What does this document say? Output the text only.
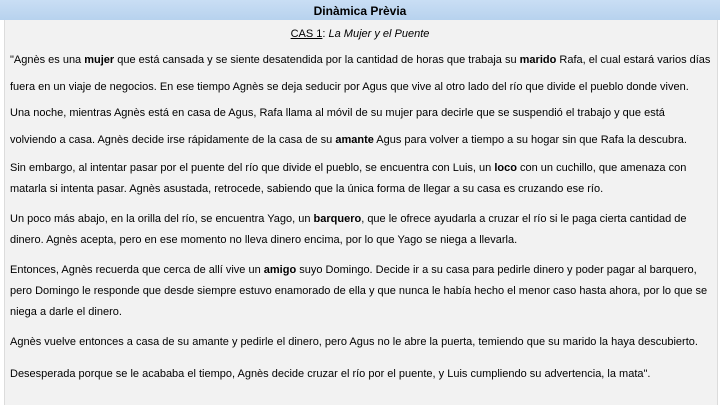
Dinàmica Prèvia
CAS 1: La Mujer y el Puente
"Agnès es una mujer que está cansada y se siente desatendida por la cantidad de horas que trabaja su marido Rafa, el cual estará varios días
fuera en un viaje de negocios. En ese tiempo Agnès se deja seducir por Agus que vive al otro lado del río que divide el pueblo donde viven.
Una noche, mientras Agnès está en casa de Agus, Rafa llama al móvil de su mujer para decirle que se suspendió el trabajo y que está
volviendo a casa. Agnès decide irse rápidamente de la casa de su amante Agus para volver a tiempo a su hogar sin que Rafa la descubra.
Sin embargo, al intentar pasar por el puente del río que divide el pueblo, se encuentra con Luis, un loco con un cuchillo, que amenaza con
matarla si intenta pasar. Agnès asustada, retrocede, sabiendo que la única forma de llegar a su casa es cruzando ese río.
Un poco más abajo, en la orilla del río, se encuentra Yago, un barquero, que le ofrece ayudarla a cruzar el río si le paga cierta cantidad de
dinero. Agnès acepta, pero en ese momento no lleva dinero encima, por lo que Yago se niega a llevarla.
Entonces, Agnès recuerda que cerca de allí vive un amigo suyo Domingo. Decide ir a su casa para pedirle dinero y poder pagar al barquero,
pero Domingo le responde que desde siempre estuvo enamorado de ella y que nunca le había hecho el menor caso hasta ahora, por lo que se
niega a darle el dinero.
Agnès vuelve entonces a casa de su amante y pedirle el dinero, pero Agus no le abre la puerta, temiendo que su marido la haya descubierto.
Desesperada porque se le acababa el tiempo, Agnès decide cruzar el río por el puente, y Luis cumpliendo su advertencia, la mata".
